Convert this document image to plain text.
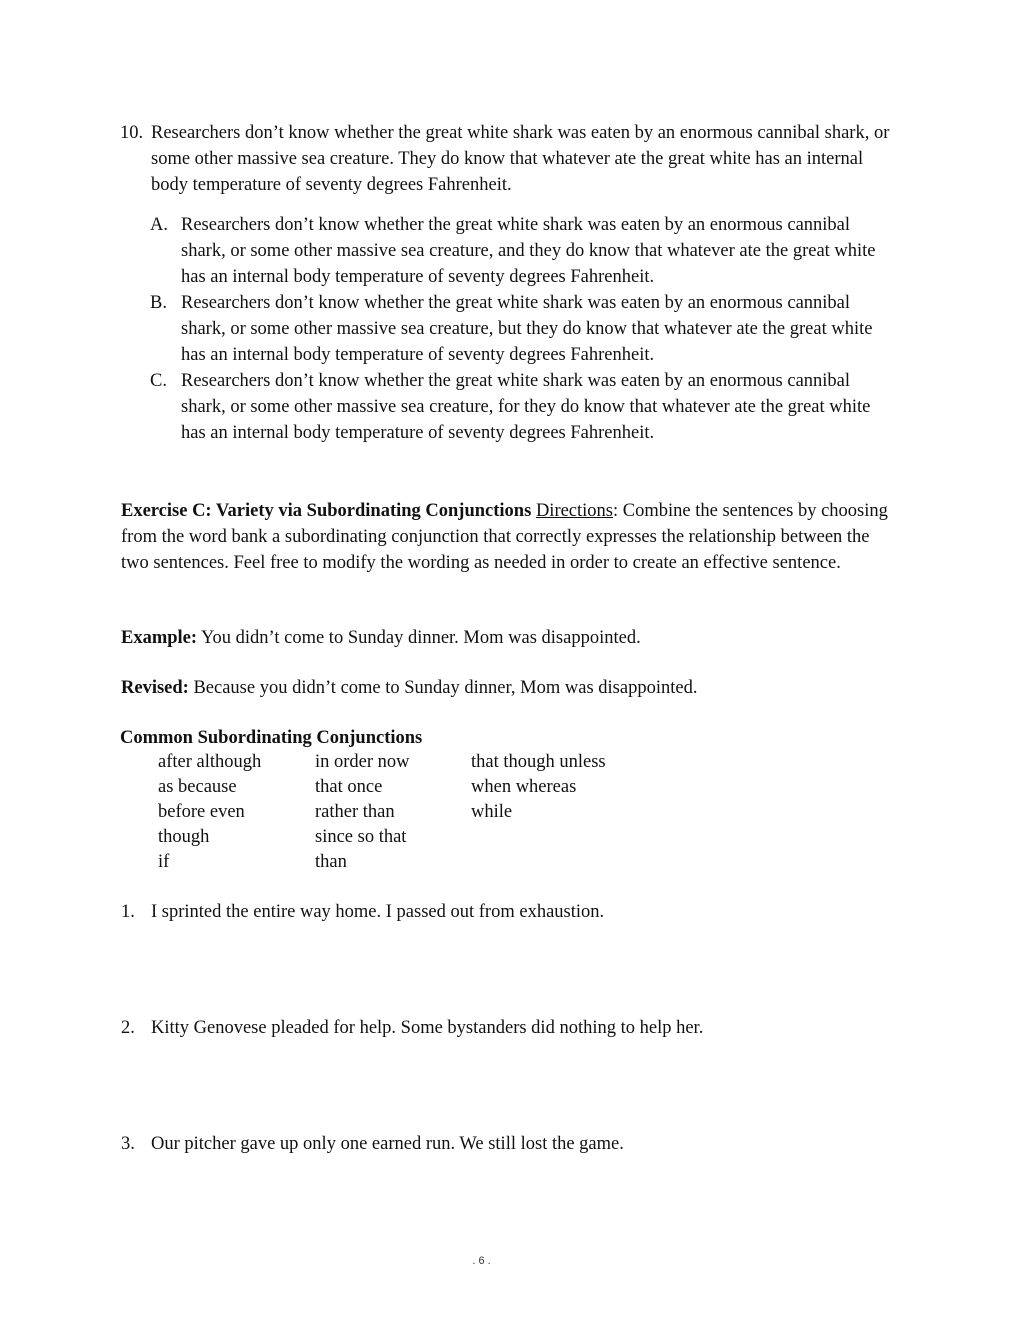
10. Researchers don’t know whether the great white shark was eaten by an enormous cannibal shark, or some other massive sea creature. They do know that whatever ate the great white has an internal body temperature of seventy degrees Fahrenheit.
A. Researchers don’t know whether the great white shark was eaten by an enormous cannibal shark, or some other massive sea creature, and they do know that whatever ate the great white has an internal body temperature of seventy degrees Fahrenheit.
B. Researchers don’t know whether the great white shark was eaten by an enormous cannibal shark, or some other massive sea creature, but they do know that whatever ate the great white has an internal body temperature of seventy degrees Fahrenheit.
C. Researchers don’t know whether the great white shark was eaten by an enormous cannibal shark, or some other massive sea creature, for they do know that whatever ate the great white has an internal body temperature of seventy degrees Fahrenheit.
Exercise C: Variety via Subordinating Conjunctions Directions: Combine the sentences by choosing from the word bank a subordinating conjunction that correctly expresses the relationship between the two sentences. Feel free to modify the wording as needed in order to create an effective sentence.
Example: You didn’t come to Sunday dinner. Mom was disappointed.
Revised: Because you didn’t come to Sunday dinner, Mom was disappointed.
Common Subordinating Conjunctions
after although
as because
before even
though
if
in order now
that once
rather than
since so that
than
that though unless
when whereas
while
1. I sprinted the entire way home. I passed out from exhaustion.
2. Kitty Genovese pleaded for help. Some bystanders did nothing to help her.
3. Our pitcher gave up only one earned run. We still lost the game.
. 6 .
